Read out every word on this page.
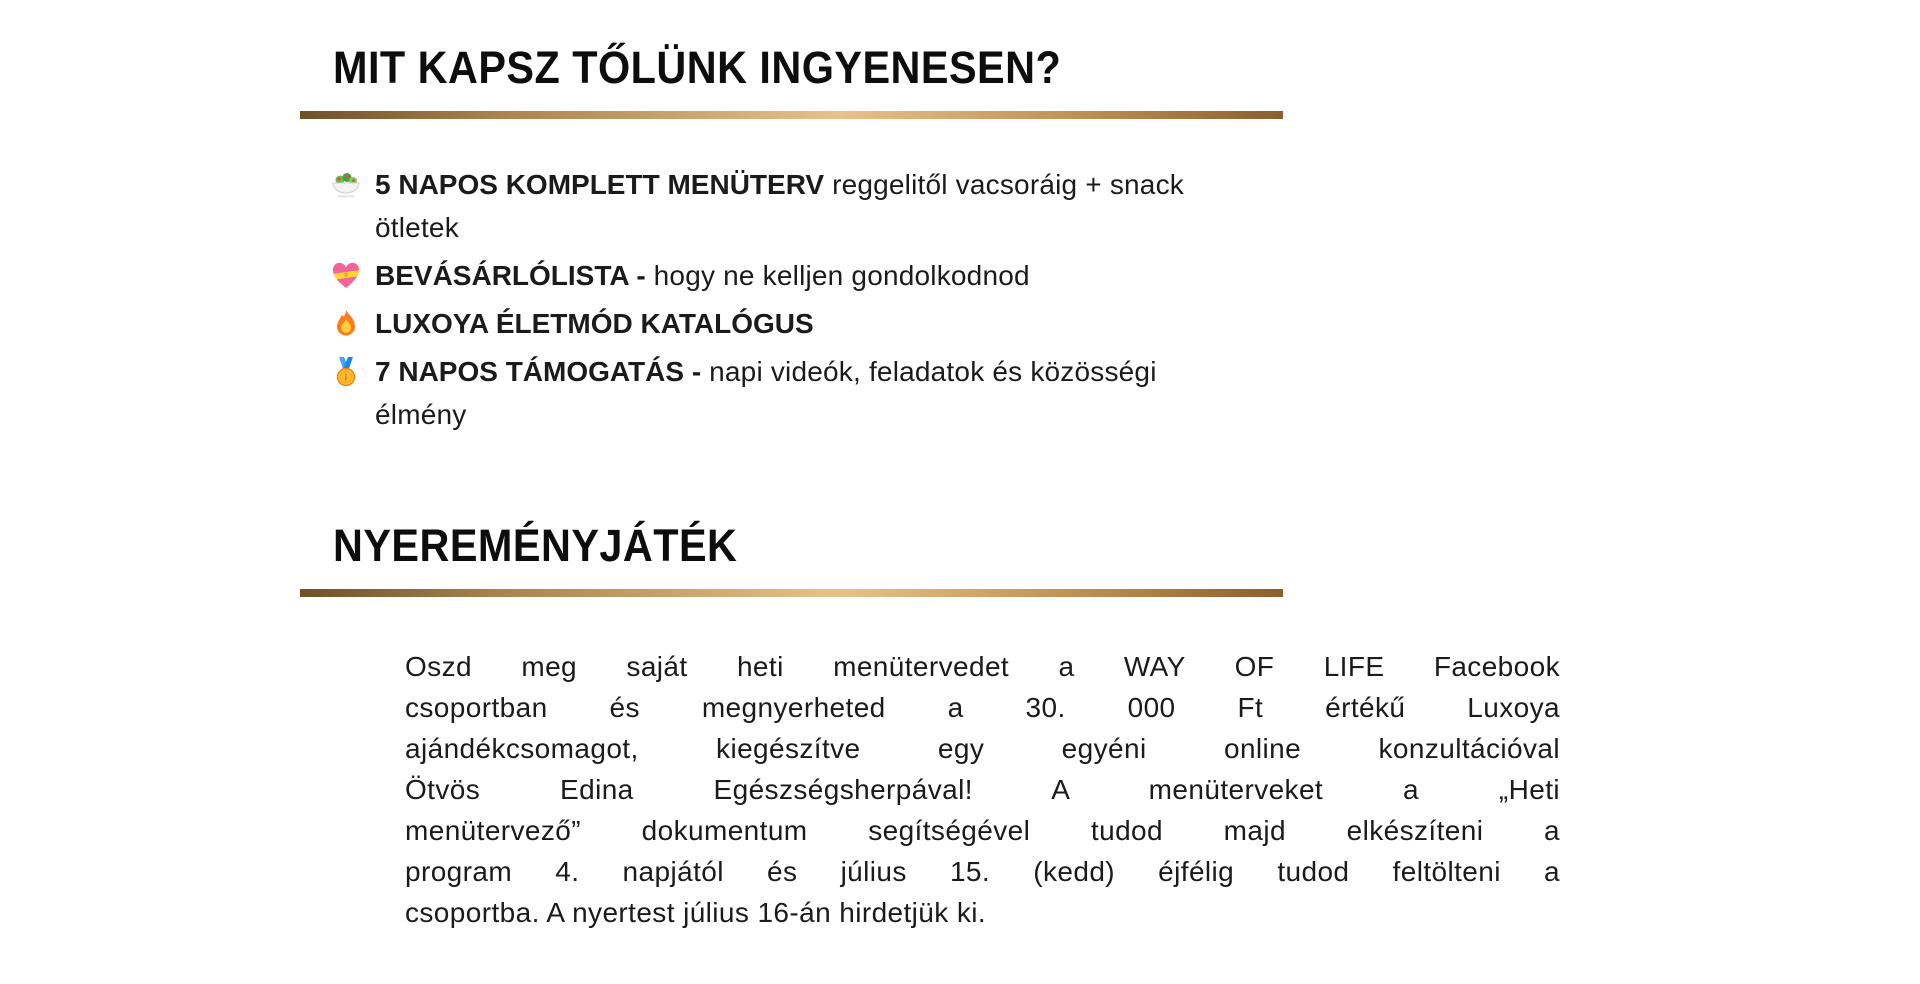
MIT KAPSZ TŐLÜNK INGYENESEN?
5 NAPOS KOMPLETT MENÜTERV reggelitől vacsoráig + snack
ötletek
BEVÁSÁRLÓLISTA - hogy ne kelljen gondolkodnod
LUXOYA ÉLETMÓD KATALÓGUS
7 NAPOS TÁMOGATÁS - napi videók, feladatok és közösségi
élmény
NYEREMÉNYJÁTÉK
Oszd meg saját heti menütervedet a WAY OF LIFE Facebook
csoportban és megnyerheted a 30. 000 Ft értékű Luxoya
ajándékcsomagot, kiegészítve egy egyéni online konzultációval
Ötvös Edina Egészségsherpával! A menüterveket a „Heti
menütervező” dokumentum segítségével tudod majd elkészíteni a
program 4. napjától és július 15. (kedd) éjfélig tudod feltölteni a
csoportba. A nyertest július 16-án hirdetjük ki.
